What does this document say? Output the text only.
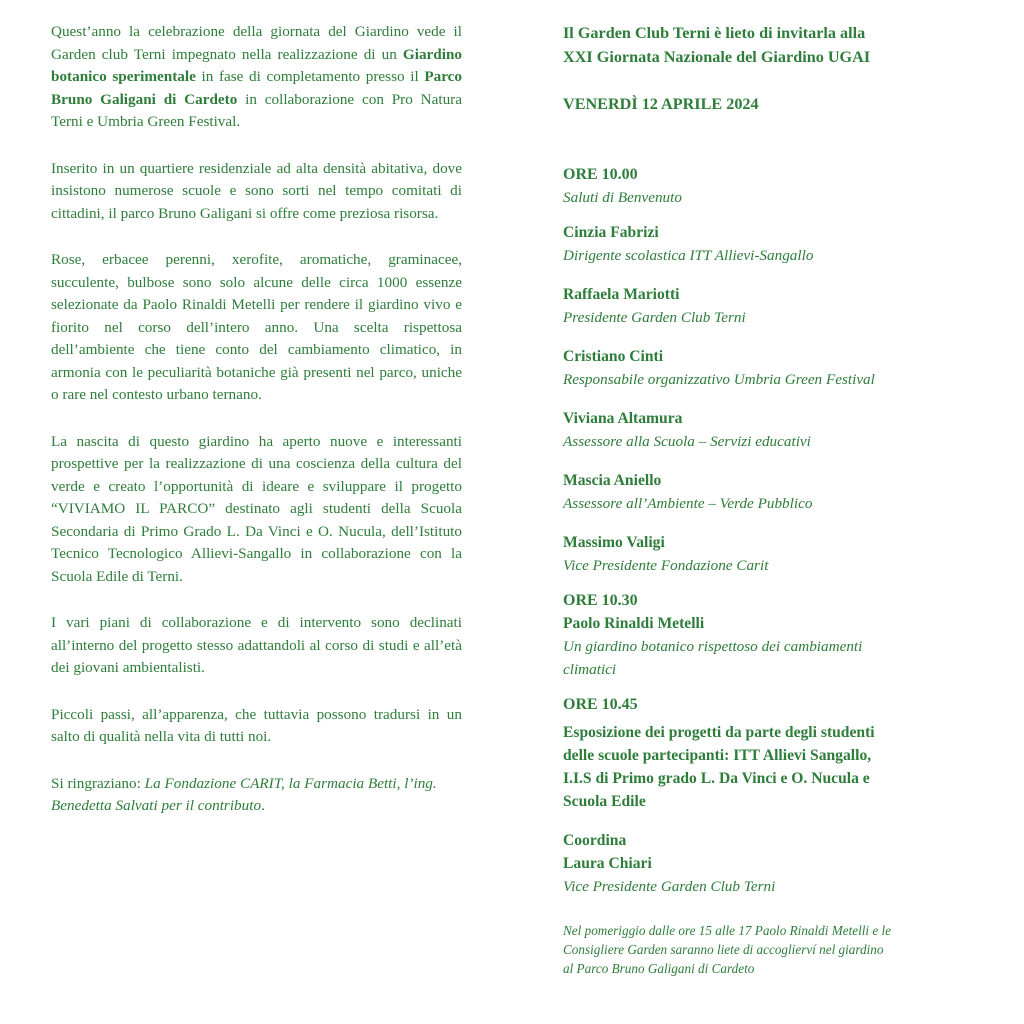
Quest’anno la celebrazione della giornata del Giardino vede il Garden club Terni impegnato nella realizzazione di un Giardino botanico sperimentale in fase di completamento presso il Parco Bruno Galigani di Cardeto in collaborazione con Pro Natura Terni e Umbria Green Festival.

Inserito in un quartiere residenziale ad alta densità abitativa, dove insistono numerose scuole e sono sorti nel tempo comitati di cittadini, il parco Bruno Galigani si offre come preziosa risorsa.

Rose, erbacee perenni, xerofite, aromatiche, graminacee, succulente, bulbose sono solo alcune delle circa 1000 essenze selezionate da Paolo Rinaldi Metelli per rendere il giardino vivo e fiorito nel corso dell’intero anno. Una scelta rispettosa dell’ambiente che tiene conto del cambiamento climatico, in armonia con le peculiarità botaniche già presenti nel parco, uniche o rare nel contesto urbano ternano.

La nascita di questo giardino ha aperto nuove e interessanti prospettive per la realizzazione di una coscienza della cultura del verde e creato l’opportunità di ideare e sviluppare il progetto “VIVIAMO IL PARCO” destinato agli studenti della Scuola Secondaria di Primo Grado L. Da Vinci e O. Nucula, dell’Istituto Tecnico Tecnologico Allievi-Sangallo in collaborazione con la Scuola Edile di Terni.

I vari piani di collaborazione e di intervento sono declinati all’interno del progetto stesso adattandoli al corso di studi e all’età dei giovani ambientalisti.

Piccoli passi, all’apparenza, che tuttavia possono tradursi in un salto di qualità nella vita di tutti noi.

Si ringraziano: La Fondazione CARIT, la Farmacia Betti, l’ing. Benedetta Salvati per il contributo.

Il Garden Club Terni è lieto di invitarla alla
XXI Giornata Nazionale del Giardino UGAI
VENERDÌ 12 APRILE 2024
ORE 10.00
Saluti di Benvenuto
Cinzia Fabrizi
Dirigente scolastica ITT Allievi-Sangallo
Raffaela Mariotti
Presidente Garden Club Terni
Cristiano Cinti
Responsabile organizzativo Umbria Green Festival
Viviana Altamura
Assessore alla Scuola – Servizi educativi
Mascia Aniello
Assessore all’Ambiente – Verde Pubblico
Massimo Valigi
Vice Presidente Fondazione Carit
ORE 10.30
Paolo Rinaldi Metelli
Un giardino botanico rispettoso dei cambiamenti
climatici
ORE 10.45
Esposizione dei progetti da parte degli studenti
delle scuole partecipanti: ITT Allievi Sangallo,
I.I.S di Primo grado L. Da Vinci e O. Nucula e
Scuola Edile
Coordina
Laura Chiari
Vice Presidente Garden Club Terni
Nel pomeriggio dalle ore 15 alle 17 Paolo Rinaldi Metelli e le
Consigliere Garden saranno liete di accoglierví nel giardino
al Parco Bruno Galigani di Cardeto
